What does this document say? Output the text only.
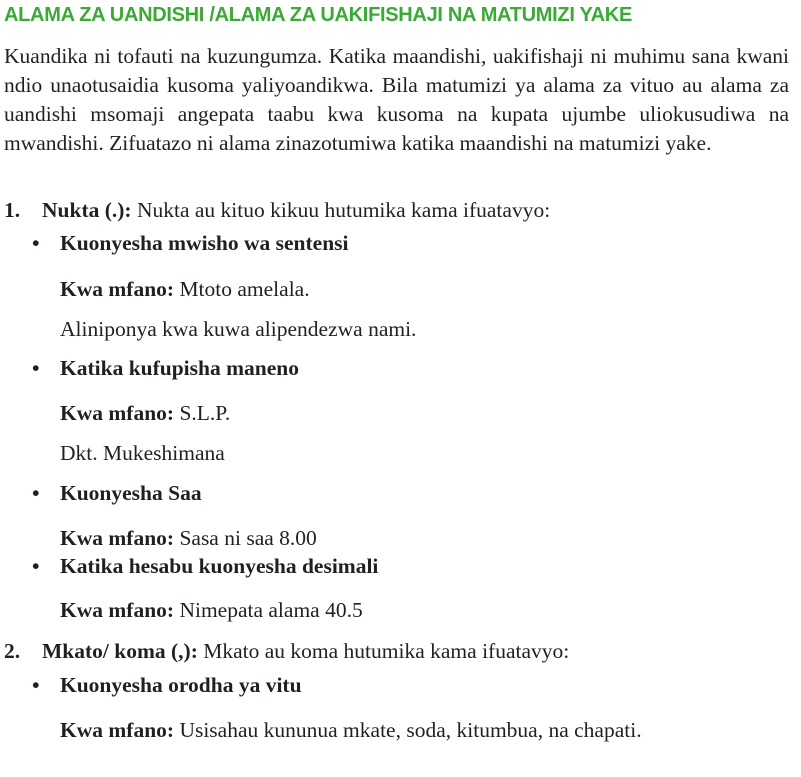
ALAMA ZA UANDISHI /ALAMA ZA UAKIFISHAJI NA MATUMIZI YAKE
Kuandika ni tofauti na kuzungumza. Katika maandishi, uakifishaji ni muhimu sana kwani ndio unaotusaidia kusoma yaliyoandikwa. Bila matumizi ya alama za vituo au alama za uandishi msomaji angepata taabu kwa kusoma na kupata ujumbe uliokusudiwa na mwandishi. Zifuatazo ni alama zinazotumiwa katika maandishi na matumizi yake.
1. Nukta (.): Nukta au kituo kikuu hutumika kama ifuatavyo:
• Kuonyesha mwisho wa sentensi
Kwa mfano: Mtoto amelala.
Aliniponya kwa kuwa alipendezwa nami.
• Katika kufupisha maneno
Kwa mfano: S.L.P.
Dkt. Mukeshimana
• Kuonyesha Saa
Kwa mfano: Sasa ni saa 8.00
• Katika hesabu kuonyesha desimali
Kwa mfano: Nimepata alama 40.5
2. Mkato/ koma (,): Mkato au koma hutumika kama ifuatavyo:
• Kuonyesha orodha ya vitu
Kwa mfano: Usisahau kununua mkate, soda, kitumbua, na chapati.
